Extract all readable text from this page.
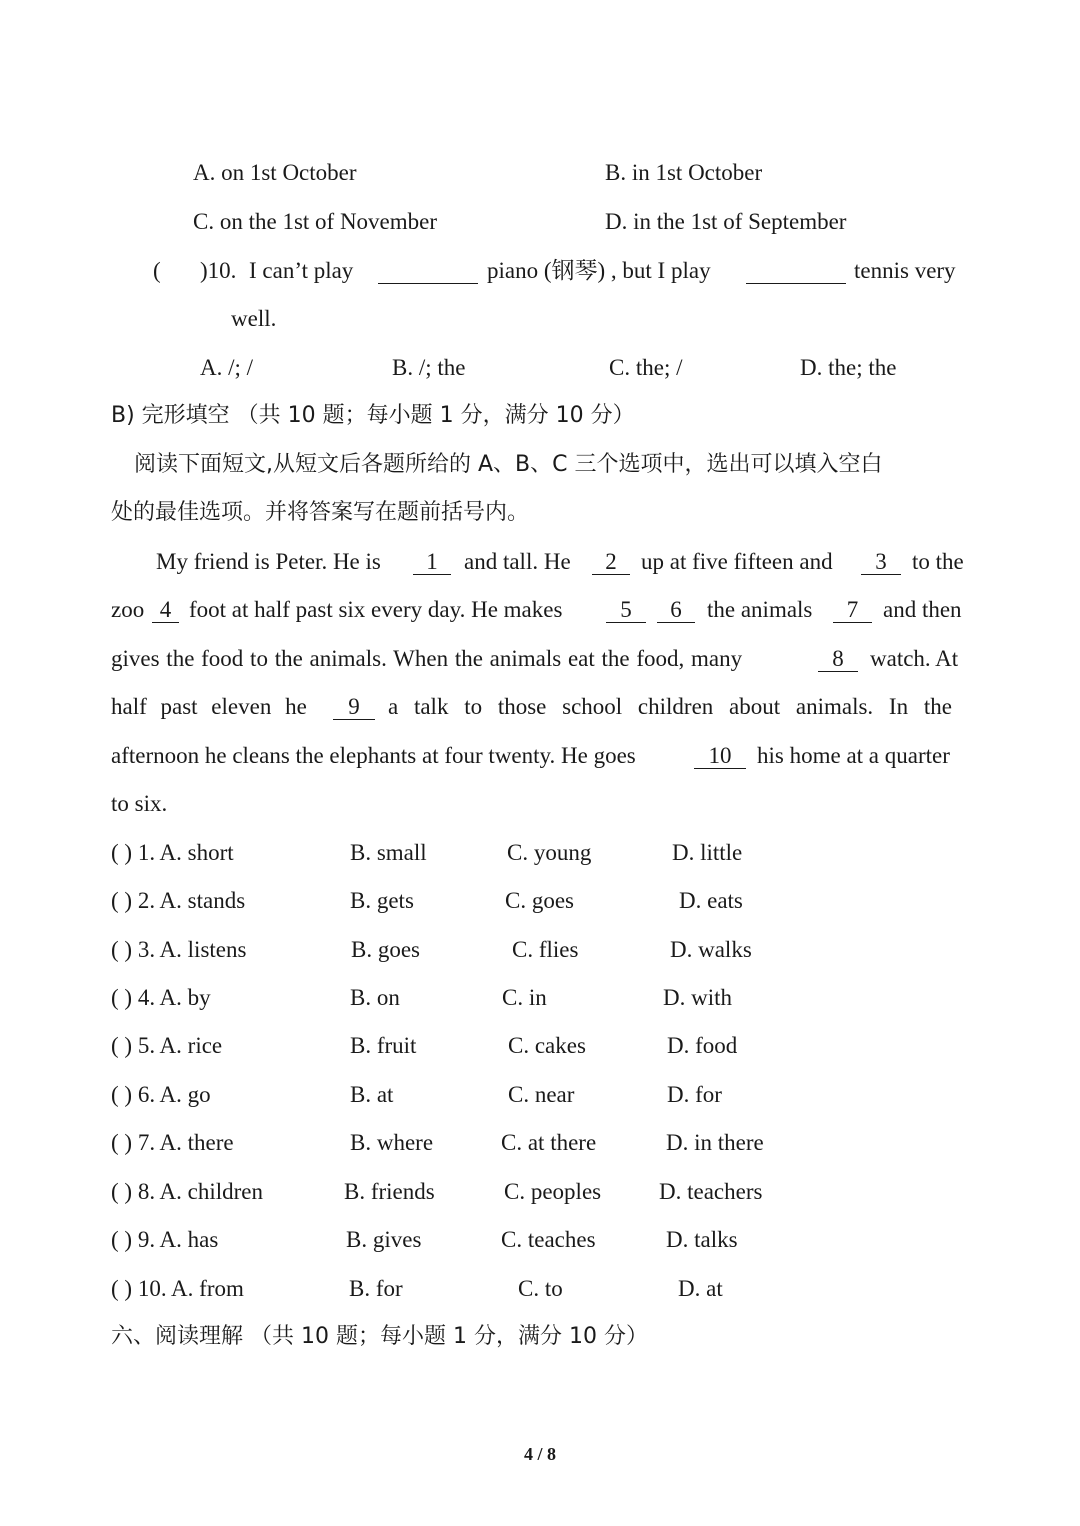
A. on 1st October	B. in 1st October
C. on the 1st of November	D. in the 1st of September
( )10. I can’t play
	piano (钢琴) , but I play
	tennis very
well.
A. /; /	B. /; the	C. the; /	D. the; the
B) 完形填空 （共 10 题；每小题 1 分，满分 10 分）
阅读下面短文,从短文后各题所给的 A、B、C 三个选项中，选出可以填入空白
处的最佳选项。并将答案写在题前括号内。
My friend is Peter. He is	1	and tall. He	2	up at five fifteen and	3	to the
zoo 4 foot at half past six every day. He makes	5	6	the animals	7	and then
gives the food to the animals. When the animals eat the food, many	8	watch. At
half past eleven he	9	a talk to those school children about animals. In the
afternoon he cleans the elephants at four twenty. He goes	10	his home at a quarter
to six.
( ) 1. A. short	B. small	C. young	D. little
( ) 2. A. stands	B. gets	C. goes	D. eats
( ) 3. A. listens	B. goes	C. flies	D. walks
( ) 4. A. by	B. on	C. in	D. with
( ) 5. A. rice	B. fruit	C. cakes	D. food
( ) 6. A. go	B. at	C. near	D. for
( ) 7. A. there	B. where	C. at there	D. in there
( ) 8. A. children	B. friends	C. peoples	D. teachers
( ) 9. A. has	B. gives	C. teaches	D. talks
( ) 10. A. from	B. for	C. to	D. at
六、阅读理解 （共 10 题；每小题 1 分，满分 10 分）
4 / 8
